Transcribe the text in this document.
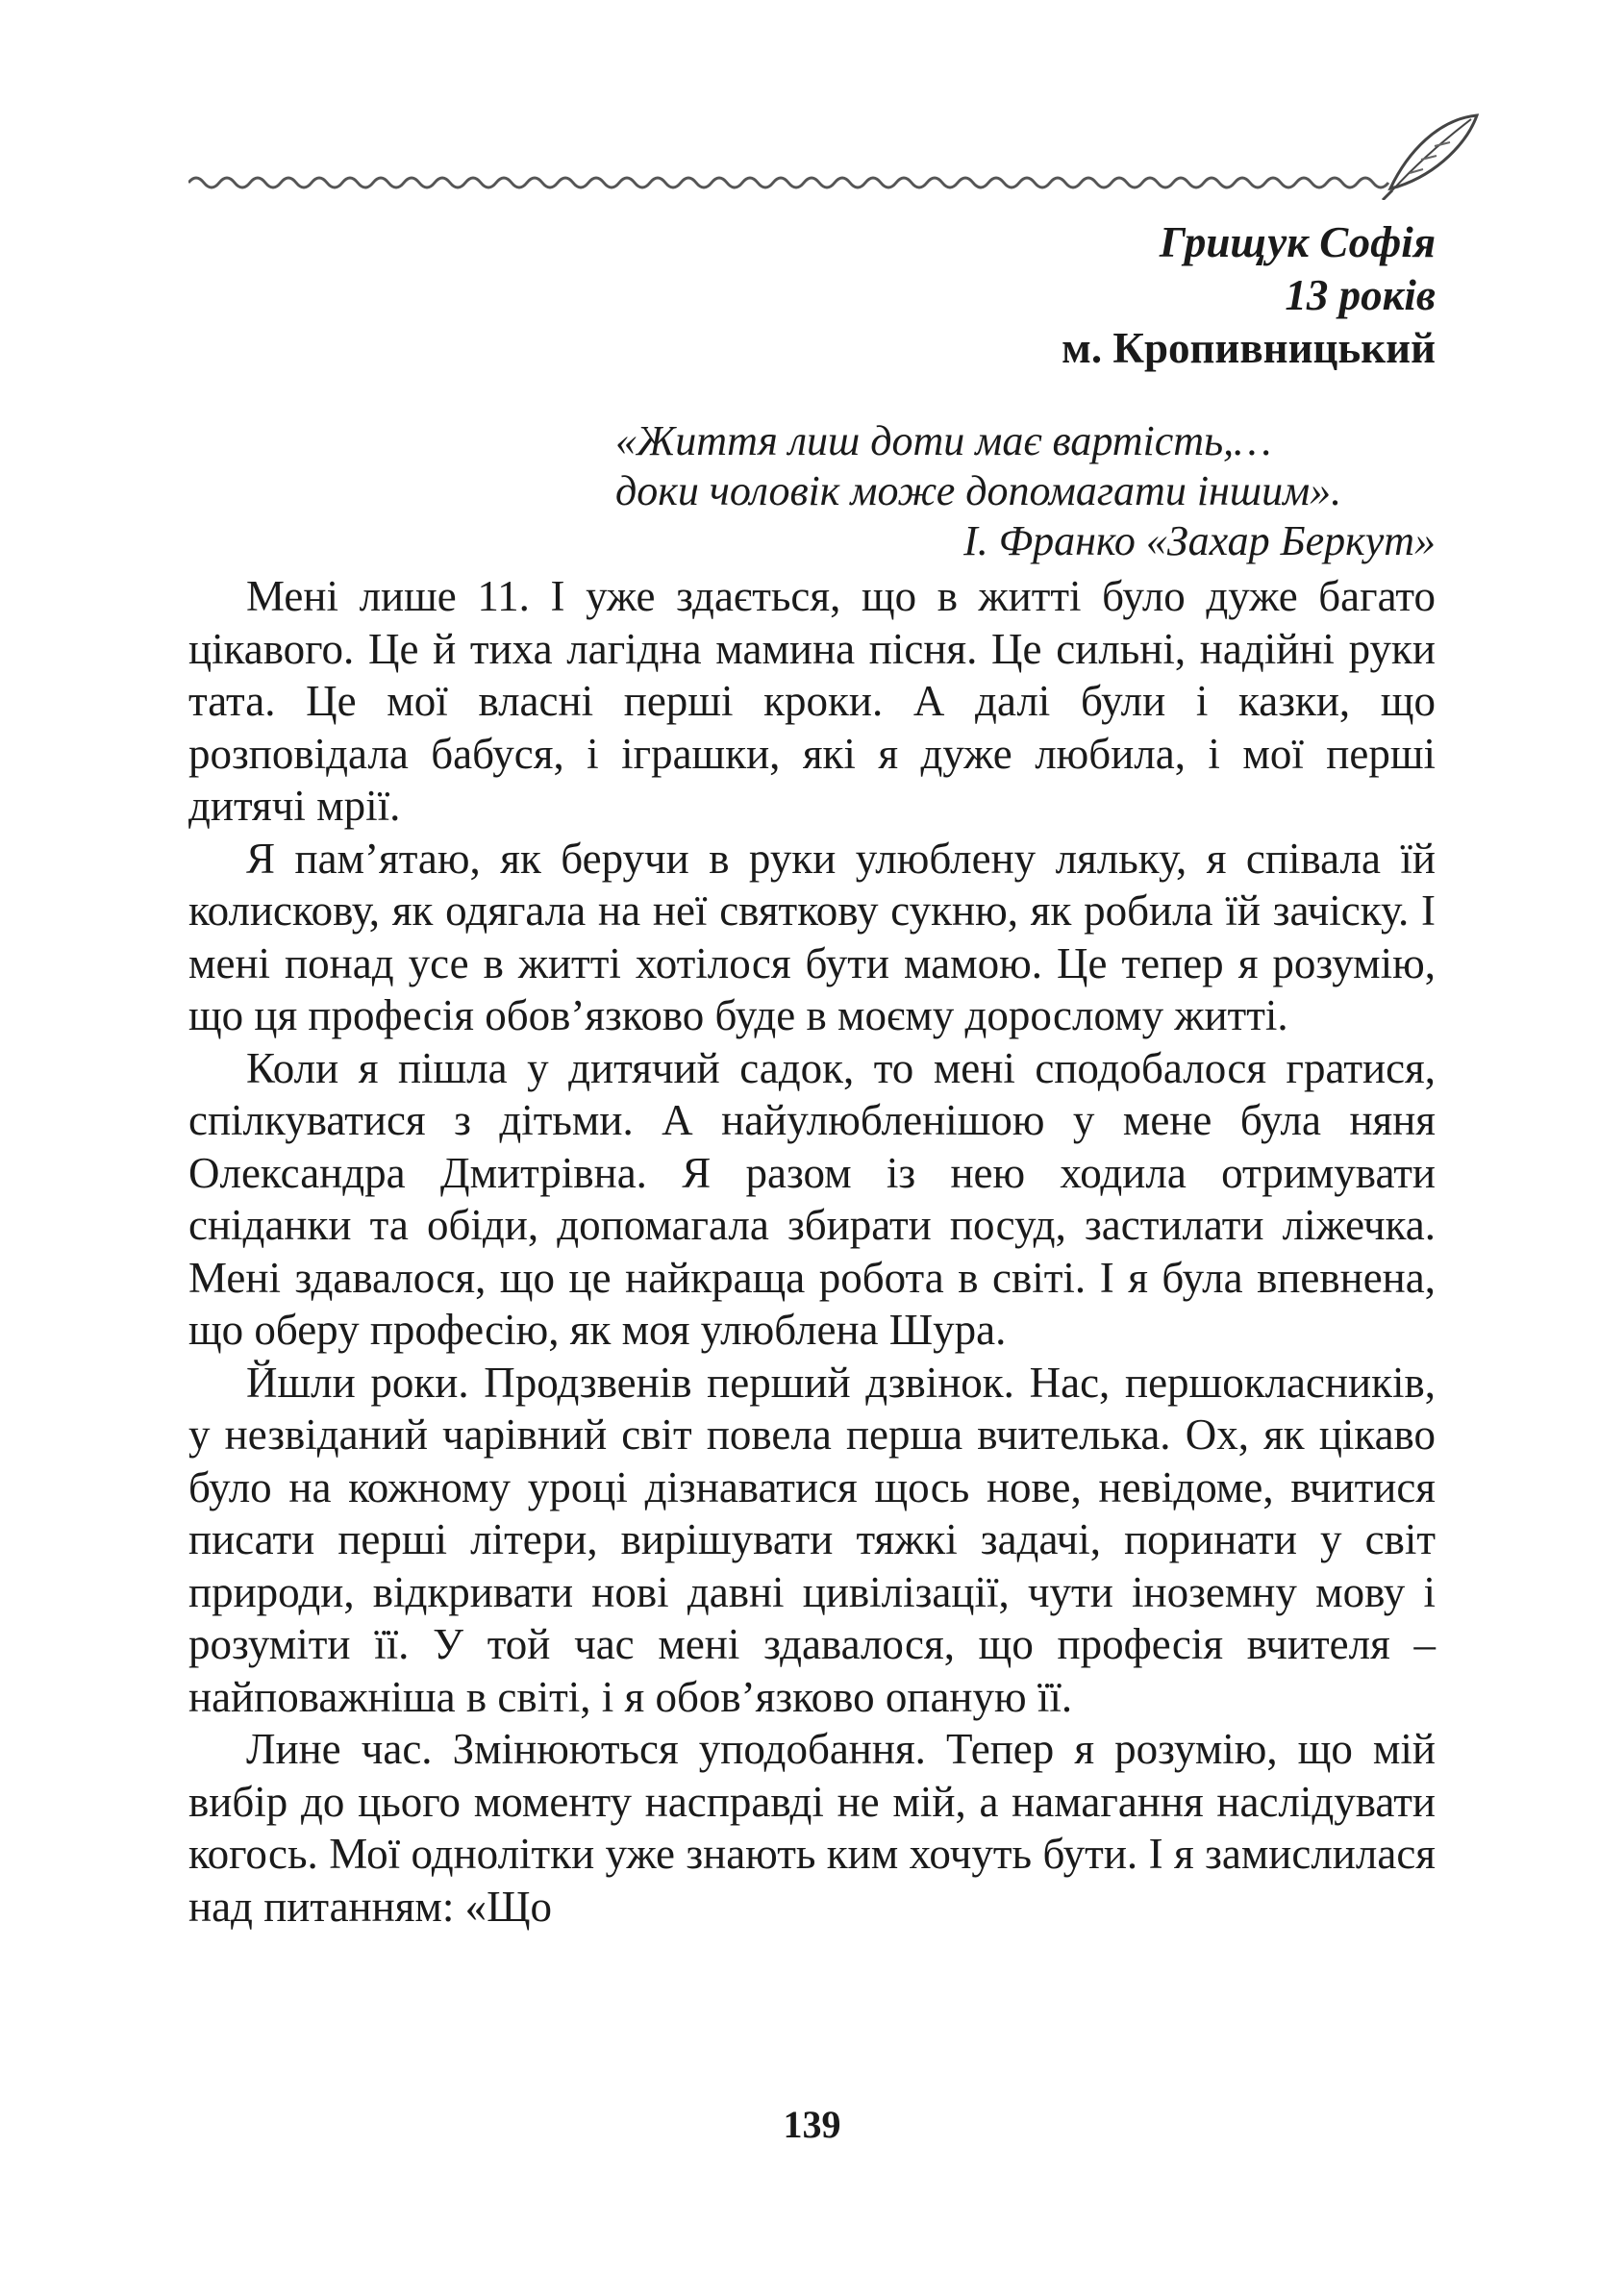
Грищук Софія
13 років
м. Кропивницький
«Життя лиш доти має вартість,…
доки чоловік може допомагати іншим».
І. Франко «Захар Беркут»

Мені лише 11. І уже здається, що в житті було дуже багато цікавого. Це й тиха лагідна мамина пісня. Це сильні, надійні руки тата. Це мої власні перші кроки. А далі були і казки, що розповідала бабуся, і іграшки, які я дуже любила, і мої перші дитячі мрії.

Я пам’ятаю, як беручи в руки улюблену ляльку, я співала їй колискову, як одягала на неї святкову сукню, як робила їй зачіску. І мені понад усе в житті хотілося бути мамою. Це тепер я розумію, що ця професія обов’язково буде в моєму дорослому житті.

Коли я пішла у дитячий садок, то мені сподобалося гратися, спілкуватися з дітьми. А найулюбленішою у мене була няня Олександра Дмитрівна. Я разом із нею ходила отримувати сніданки та обіди, допомагала збирати посуд, застилати ліжечка. Мені здавалося, що це найкраща робота в світі. І я була впевнена, що оберу професію, як моя улюблена Шура.

Йшли роки. Продзвенів перший дзвінок. Нас, першокласників, у незвіданий чарівний світ повела перша вчителька. Ох, як цікаво було на кожному уроці дізнаватися щось нове, невідоме, вчитися писати перші літери, вирішувати тяжкі задачі, поринати у світ природи, відкривати нові давні цивілізації, чути іноземну мову і розуміти її. У той час мені здавалося, що професія вчителя – найповажніша в світі, і я обов’язково опаную її.

Лине час. Змінюються уподобання. Тепер я розумію, що мій вибір до цього моменту насправді не мій, а намагання наслідувати когось. Мої однолітки уже знають ким хочуть бути. І я замислилася над питанням: «Що

139
